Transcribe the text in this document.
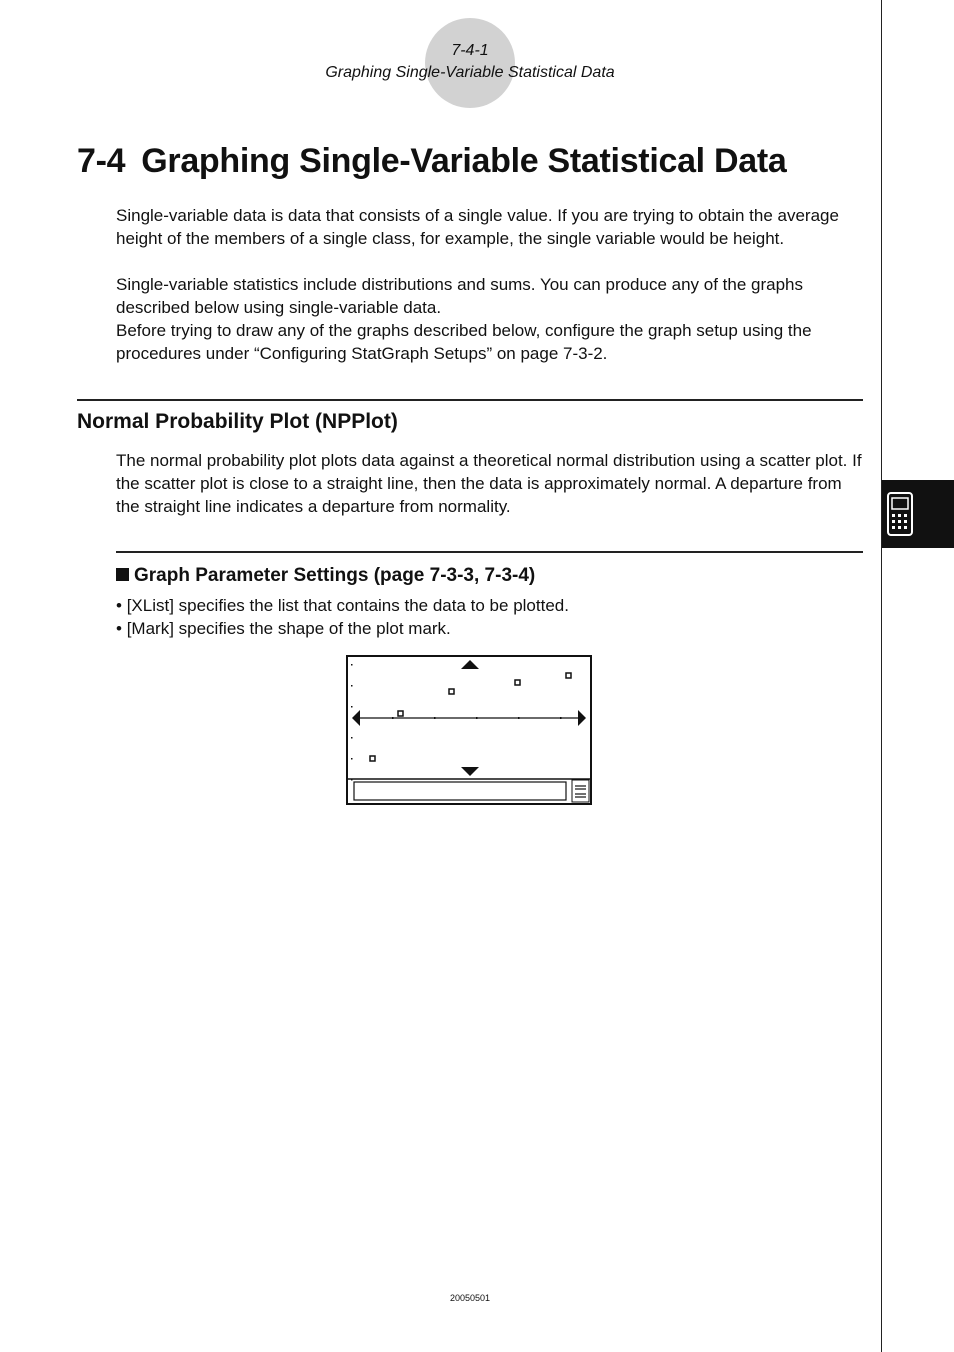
7-4-1
Graphing Single-Variable Statistical Data
7-4 Graphing Single-Variable Statistical Data

Single-variable data is data that consists of a single value. If you are trying to obtain the average height of the members of a single class, for example, the single variable would be height.

Single-variable statistics include distributions and sums. You can produce any of the graphs described below using single-variable data.

Before trying to draw any of the graphs described below, configure the graph setup using the procedures under “Configuring StatGraph Setups” on page 7-3-2.

Normal Probability Plot (NPPlot)

The normal probability plot plots data against a theoretical normal distribution using a scatter plot. If the scatter plot is close to a straight line, then the data is approximately normal. A departure from the straight line indicates a departure from normality.

Graph Parameter Settings (page 7-3-3, 7-3-4)
• [XList] specifies the list that contains the data to be plotted.
• [Mark] specifies the shape of the plot mark.
20050501
